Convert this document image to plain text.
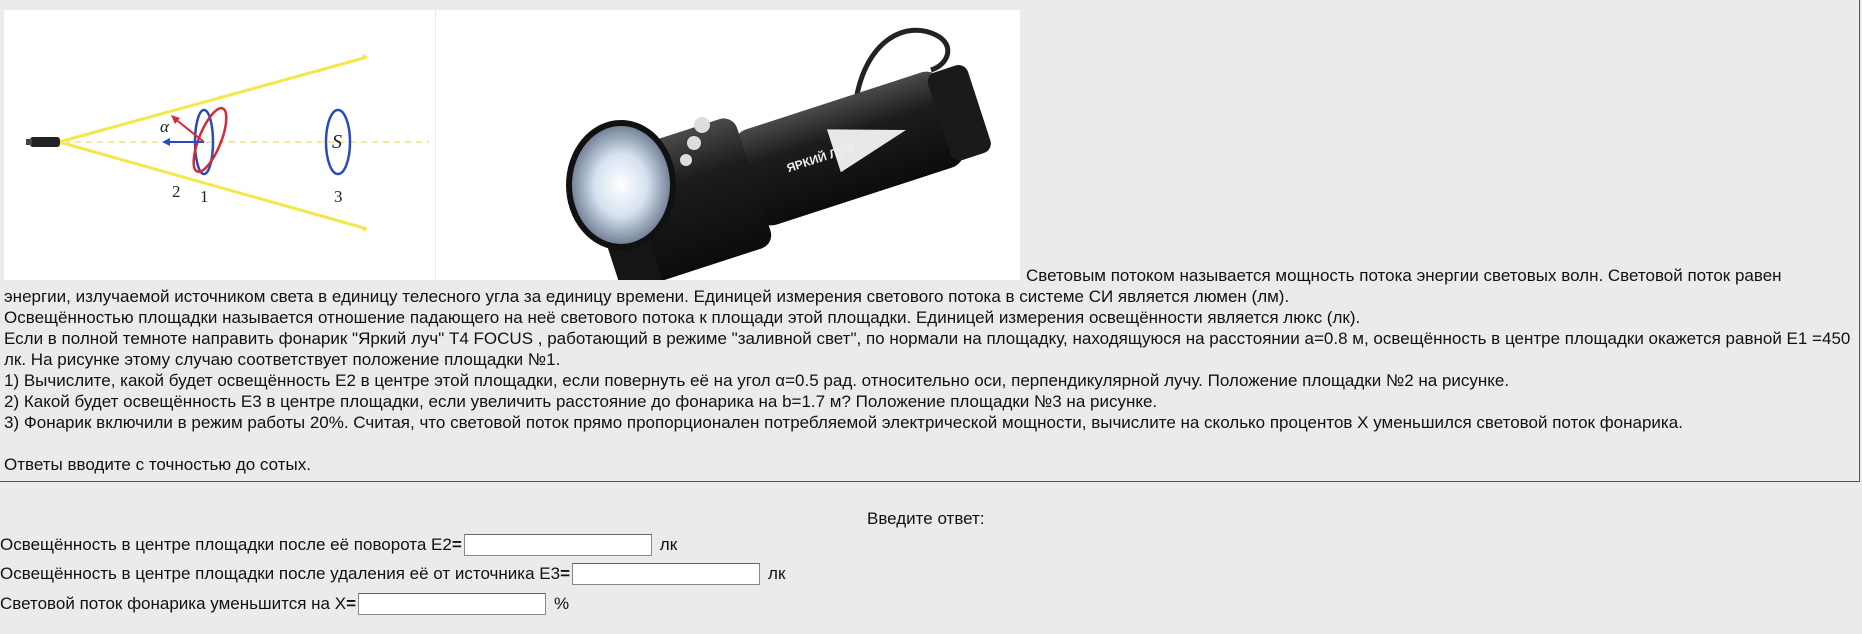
α
S
2 1	3
ЯРКИЙ ЛУЧ
Световым потоком называется мощность потока энергии световых волн. Световой поток равен

энергии, излучаемой источником света в единицу телесного угла за единицу времени. Единицей измерения светового потока в системе СИ является люмен (лм).

Освещённостью площадки называется отношение падающего на неё светового потока к площади этой площадки. Единицей измерения освещённости является люкс (лк).

Если в полной темноте направить фонарик "Яркий луч" T4 FOCUS , работающий в режиме "заливной свет", по нормали на площадку, находящуюся на расстоянии a=0.8 м, освещённость в центре площадки окажется равной E1 =450 лк. На рисунке этому случаю соответствует положение площадки №1.

1) Вычислите, какой будет освещённость E2 в центре этой площадки, если повернуть её на угол α=0.5 рад. относительно оси, перпендикулярной лучу. Положение площадки №2 на рисунке.

2) Какой будет освещённость E3 в центре площадки, если увеличить расстояние до фонарика на b=1.7 м? Положение площадки №3 на рисунке.

3) Фонарик включили в режим работы 20%. Считая, что световой поток прямо пропорционален потребляемой электрической мощности, вычислите на сколько процентов X уменьшился световой поток фонарика.

Ответы вводите с точностью до сотых.

Введите ответ:
Освещённость в центре площадки после её поворота E2 =	лк
Освещённость в центре площадки после удаления её от источника E3 =	лк
Световой поток фонарика уменьшится на X =	%
